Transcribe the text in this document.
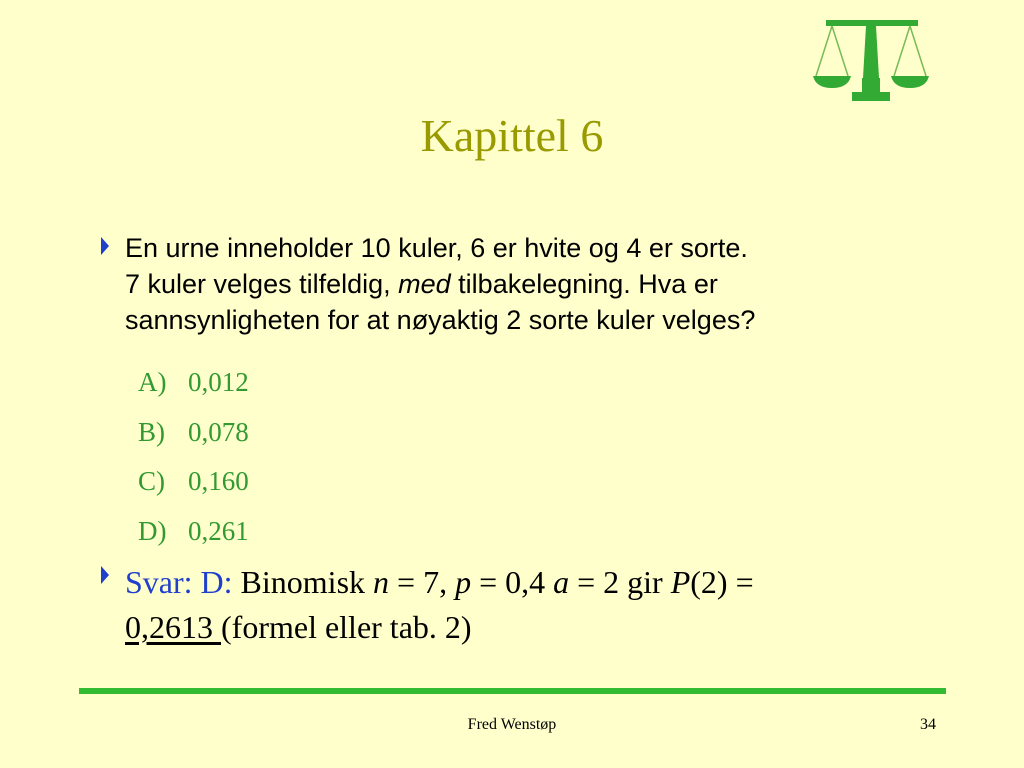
Kapittel 6
En urne inneholder 10 kuler, 6 er hvite og 4 er sorte.
7 kuler velges tilfeldig, med tilbakelegning. Hva er
sannsynligheten for at nøyaktig 2 sorte kuler velges?
A) 0,012
B) 0,078
C) 0,160
D) 0,261
Svar: D: Binomisk n = 7, p = 0,4 a = 2 gir P(2) =
0,2613 (formel eller tab. 2)
Fred Wenstøp	34
